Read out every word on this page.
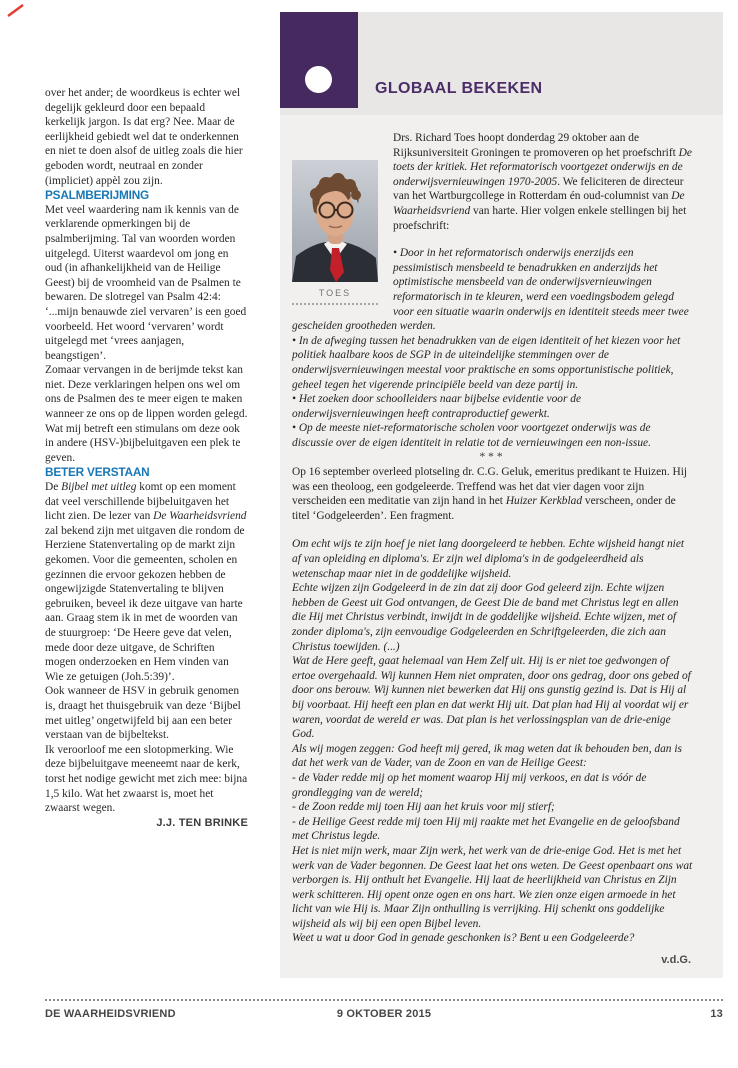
over het ander; de woordkeus is echter wel degelijk gekleurd door een bepaald kerkelijk jargon. Is dat erg? Nee. Maar de eerlijkheid gebiedt wel dat te onderkennen en niet te doen alsof de uitleg zoals die hier geboden wordt, neutraal en zonder (impliciet) appèl zou zijn.

PSALMBERIJMING

Met veel waardering nam ik kennis van de verklarende opmerkingen bij de psalmberijming. Tal van woorden worden uitgelegd. Uiterst waardevol om jong en oud (in afhankelijkheid van de Heilige Geest) bij de vroomheid van de Psalmen te bewaren. De slotregel van Psalm 42:4: ‘...mijn benauwde ziel vervaren’ is een goed voorbeeld. Het woord ‘vervaren’ wordt uitgelegd met ‘vrees aanjagen, beangstigen’.

Zomaar vervangen in de berijmde tekst kan niet. Deze verklaringen helpen ons wel om ons de Psalmen des te meer eigen te maken wanneer ze ons op de lippen worden gelegd. Wat mij betreft een stimulans om deze ook in andere (HSV-)bijbeluitgaven een plek te geven.

BETER VERSTAAN

De Bijbel met uitleg komt op een moment dat veel verschillende bijbeluitgaven het licht zien. De lezer van De Waarheidsvriend zal bekend zijn met uitgaven die rondom de Herziene Statenvertaling op de markt zijn gekomen. Voor die gemeenten, scholen en gezinnen die ervoor gekozen hebben de ongewijzigde Statenvertaling te blijven gebruiken, beveel ik deze uitgave van harte aan. Graag stem ik in met de woorden van de stuurgroep: ‘De Heere geve dat velen, mede door deze uitgave, de Schriften mogen onderzoeken en Hem vinden van Wie ze getuigen (Joh.5:39)’.

Ook wanneer de HSV in gebruik genomen is, draagt het thuisgebruik van deze ‘Bijbel met uitleg’ ongetwijfeld bij aan een beter verstaan van de bijbeltekst.

Ik veroorloof me een slotopmerking. Wie deze bijbeluitgave meeneemt naar de kerk, torst het nodige gewicht met zich mee: bijna 1,5 kilo. Wat het zwaarst is, moet het zwaarst wegen.

J.J. TEN BRINKE

GLOBAAL BEKEKEN
TOES

Drs. Richard Toes hoopt donderdag 29 oktober aan de Rijksuniversiteit Groningen te promoveren op het proefschrift De toets der kritiek. Het reformatorisch voortgezet onderwijs en de onderwijsvernieuwingen 1970-2005. We feliciteren de directeur van het Wartburgcollege in Rotterdam én oud-columnist van De Waarheidsvriend van harte. Hier volgen enkele stellingen bij het proefschrift:

• Door in het reformatorisch onderwijs enerzijds een pessimistisch mensbeeld te benadrukken en anderzijds het optimistische mensbeeld van de onderwijsvernieuwingen reformatorisch in te kleuren, werd een voedingsbodem gelegd voor een situatie waarin onderwijs en identiteit steeds meer twee gescheiden grootheden werden.

• In de afweging tussen het benadrukken van de eigen identiteit of het kiezen voor het politiek haalbare koos de SGP in de uiteindelijke stemmingen over de onderwijsvernieuwingen meestal voor praktische en soms opportunistische politiek, geheel tegen het vigerende principiële beeld van deze partij in.

• Het zoeken door schoolleiders naar bijbelse evidentie voor de onderwijsvernieuwingen heeft contraproductief gewerkt.

• Op de meeste niet-reformatorische scholen voor voortgezet onderwijs was de discussie over de eigen identiteit in relatie tot de vernieuwingen een non-issue.

***

Op 16 september overleed plotseling dr. C.G. Geluk, emeritus predikant te Huizen. Hij was een theoloog, een godgeleerde. Treffend was het dat vier dagen voor zijn verscheiden een meditatie van zijn hand in het Huizer Kerkblad verscheen, onder de titel ‘Godgeleerden’. Een fragment.

Om echt wijs te zijn hoef je niet lang doorgeleerd te hebben. Echte wijsheid hangt niet af van opleiding en diploma's. Er zijn wel diploma's in de godgeleerdheid als wetenschap maar niet in de goddelijke wijsheid.

Echte wijzen zijn Godgeleerd in de zin dat zij door God geleerd zijn. Echte wijzen hebben de Geest uit God ontvangen, de Geest Die de band met Christus legt en allen die Hij met Christus verbindt, inwijdt in de goddelijke wijsheid. Echte wijzen, met of zonder diploma's, zijn eenvoudige Godgeleerden en Schriftgeleerden, die zich aan Christus toewijden. (...)

Wat de Here geeft, gaat helemaal van Hem Zelf uit. Hij is er niet toe gedwongen of ertoe overgehaald. Wij kunnen Hem niet ompraten, door ons gedrag, door ons gebed of door ons berouw. Wij kunnen niet bewerken dat Hij ons gunstig gezind is. Dat is Hij al bij voorbaat. Hij heeft een plan en dat werkt Hij uit. Dat plan had Hij al voordat wij er waren, voordat de wereld er was. Dat plan is het verlossingsplan van de drie-enige God.

Als wij mogen zeggen: God heeft mij gered, ik mag weten dat ik behouden ben, dan is dat het werk van de Vader, van de Zoon en van de Heilige Geest:

- de Vader redde mij op het moment waarop Hij mij verkoos, en dat is vóór de grondlegging van de wereld;

- de Zoon redde mij toen Hij aan het kruis voor mij stierf;

- de Heilige Geest redde mij toen Hij mij raakte met het Evangelie en de geloofsband met Christus legde.

Het is niet mijn werk, maar Zijn werk, het werk van de drie-enige God. Het is met het werk van de Vader begonnen. De Geest laat het ons weten. De Geest openbaart ons wat verborgen is. Hij onthult het Evangelie. Hij laat de heerlijkheid van Christus en Zijn werk schitteren. Hij opent onze ogen en ons hart. We zien onze eigen armoede in het licht van wie Hij is. Maar Zijn onthulling is verrijking. Hij schenkt ons goddelijke wijsheid als wij bij een open Bijbel leven.

Weet u wat u door God in genade geschonken is? Bent u een Godgeleerde?

v.d.G.

DE WAARHEIDSVRIEND	9 OKTOBER 2015	13
